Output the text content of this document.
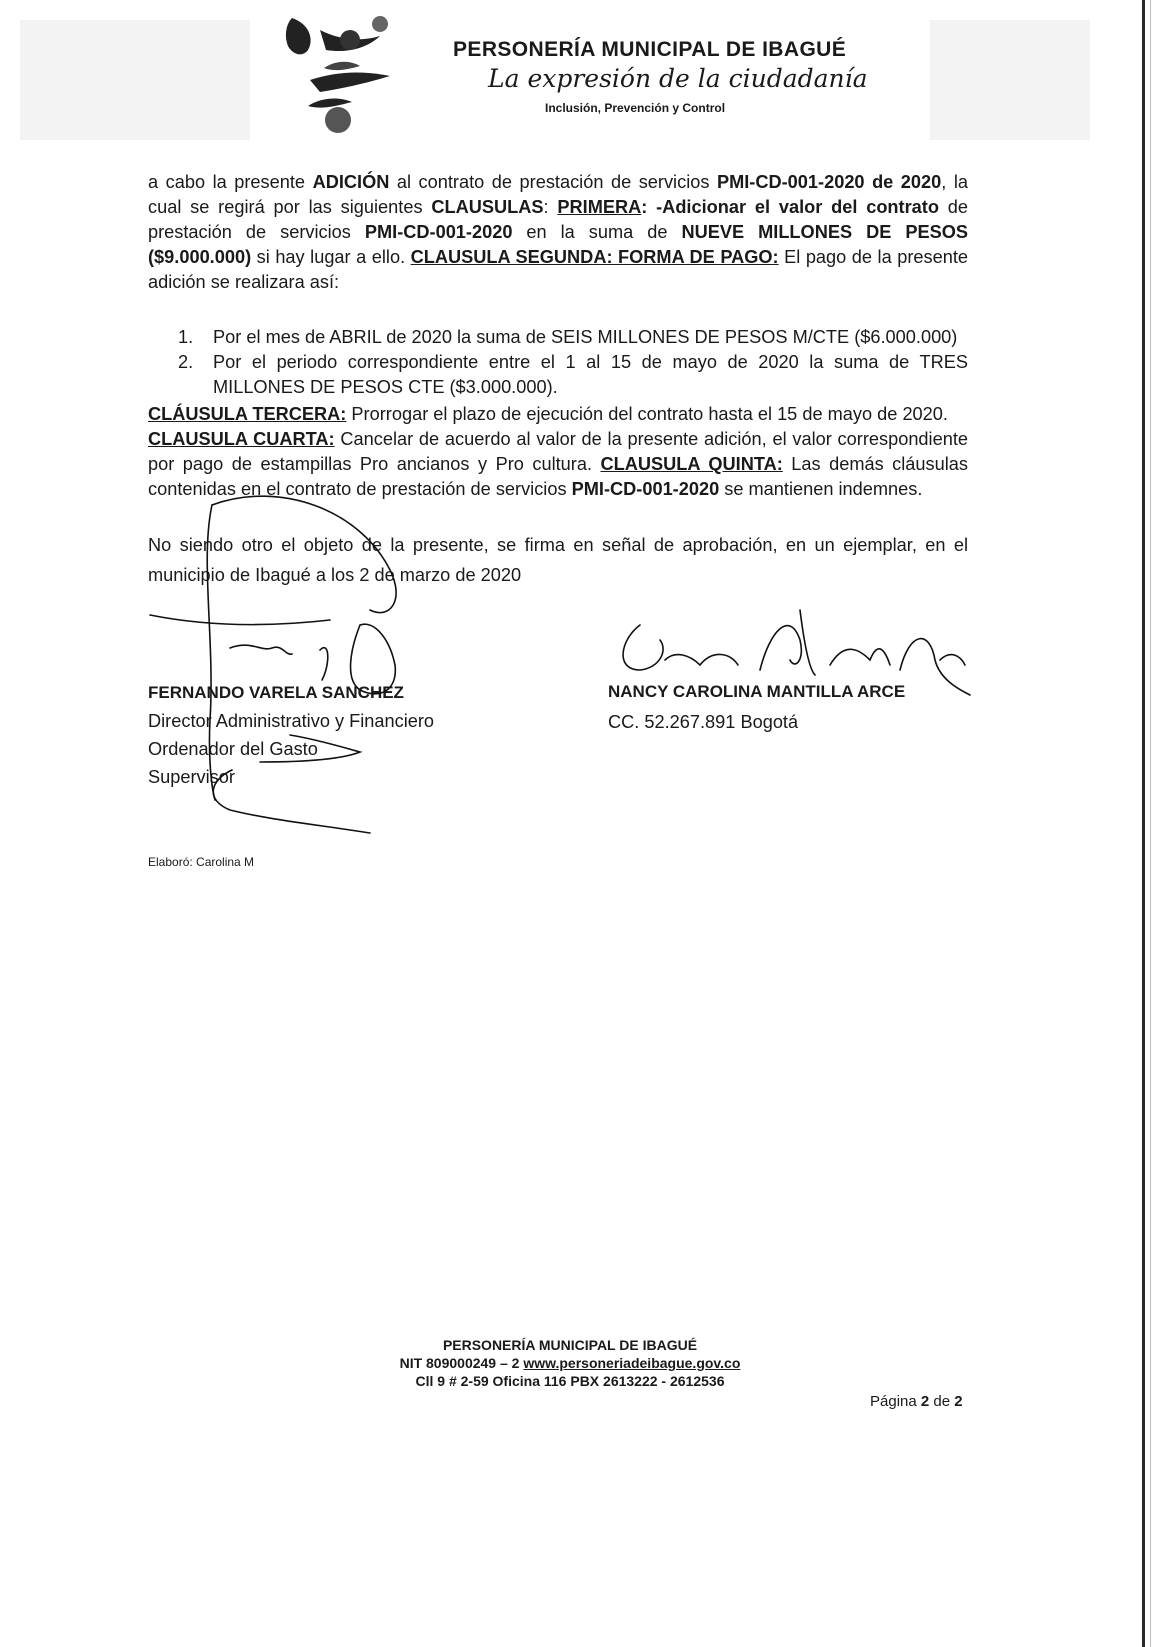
PERSONERÍA MUNICIPAL DE IBAGUÉ
La expresión de la ciudadanía
Inclusión, Prevención y Control
a cabo la presente ADICIÓN al contrato de prestación de servicios PMI-CD-001-2020 de 2020, la cual se regirá por las siguientes CLAUSULAS: PRIMERA: -Adicionar el valor del contrato de prestación de servicios PMI-CD-001-2020 en la suma de NUEVE MILLONES DE PESOS ($9.000.000) si hay lugar a ello. CLAUSULA SEGUNDA: FORMA DE PAGO: El pago de la presente adición se realizara así:
1.	Por el mes de ABRIL de 2020 la suma de SEIS MILLONES DE PESOS M/CTE ($6.000.000)
2.	Por el periodo correspondiente entre el 1 al 15 de mayo de 2020 la suma de TRES MILLONES DE PESOS CTE ($3.000.000).
CLÁUSULA TERCERA: Prorrogar el plazo de ejecución del contrato hasta el 15 de mayo de 2020.
CLAUSULA CUARTA: Cancelar de acuerdo al valor de la presente adición, el valor correspondiente por pago de estampillas Pro ancianos y Pro cultura. CLAUSULA QUINTA: Las demás cláusulas contenidas en el contrato de prestación de servicios PMI-CD-001-2020 se mantienen indemnes.
No siendo otro el objeto de la presente, se firma en señal de aprobación, en un ejemplar, en el municipio de Ibagué a los 2 de marzo de 2020
FERNANDO VARELA SANCHEZ
Director Administrativo y Financiero
Ordenador del Gasto
Supervisor
NANCY CAROLINA MANTILLA ARCE
CC. 52.267.891 Bogotá
Elaboró: Carolina M
PERSONERÍA MUNICIPAL DE IBAGUÉ
NIT 809000249 – 2 www.personeriadeibague.gov.co
Cll 9 # 2-59 Oficina 116 PBX 2613222 - 2612536
Página 2 de 2
